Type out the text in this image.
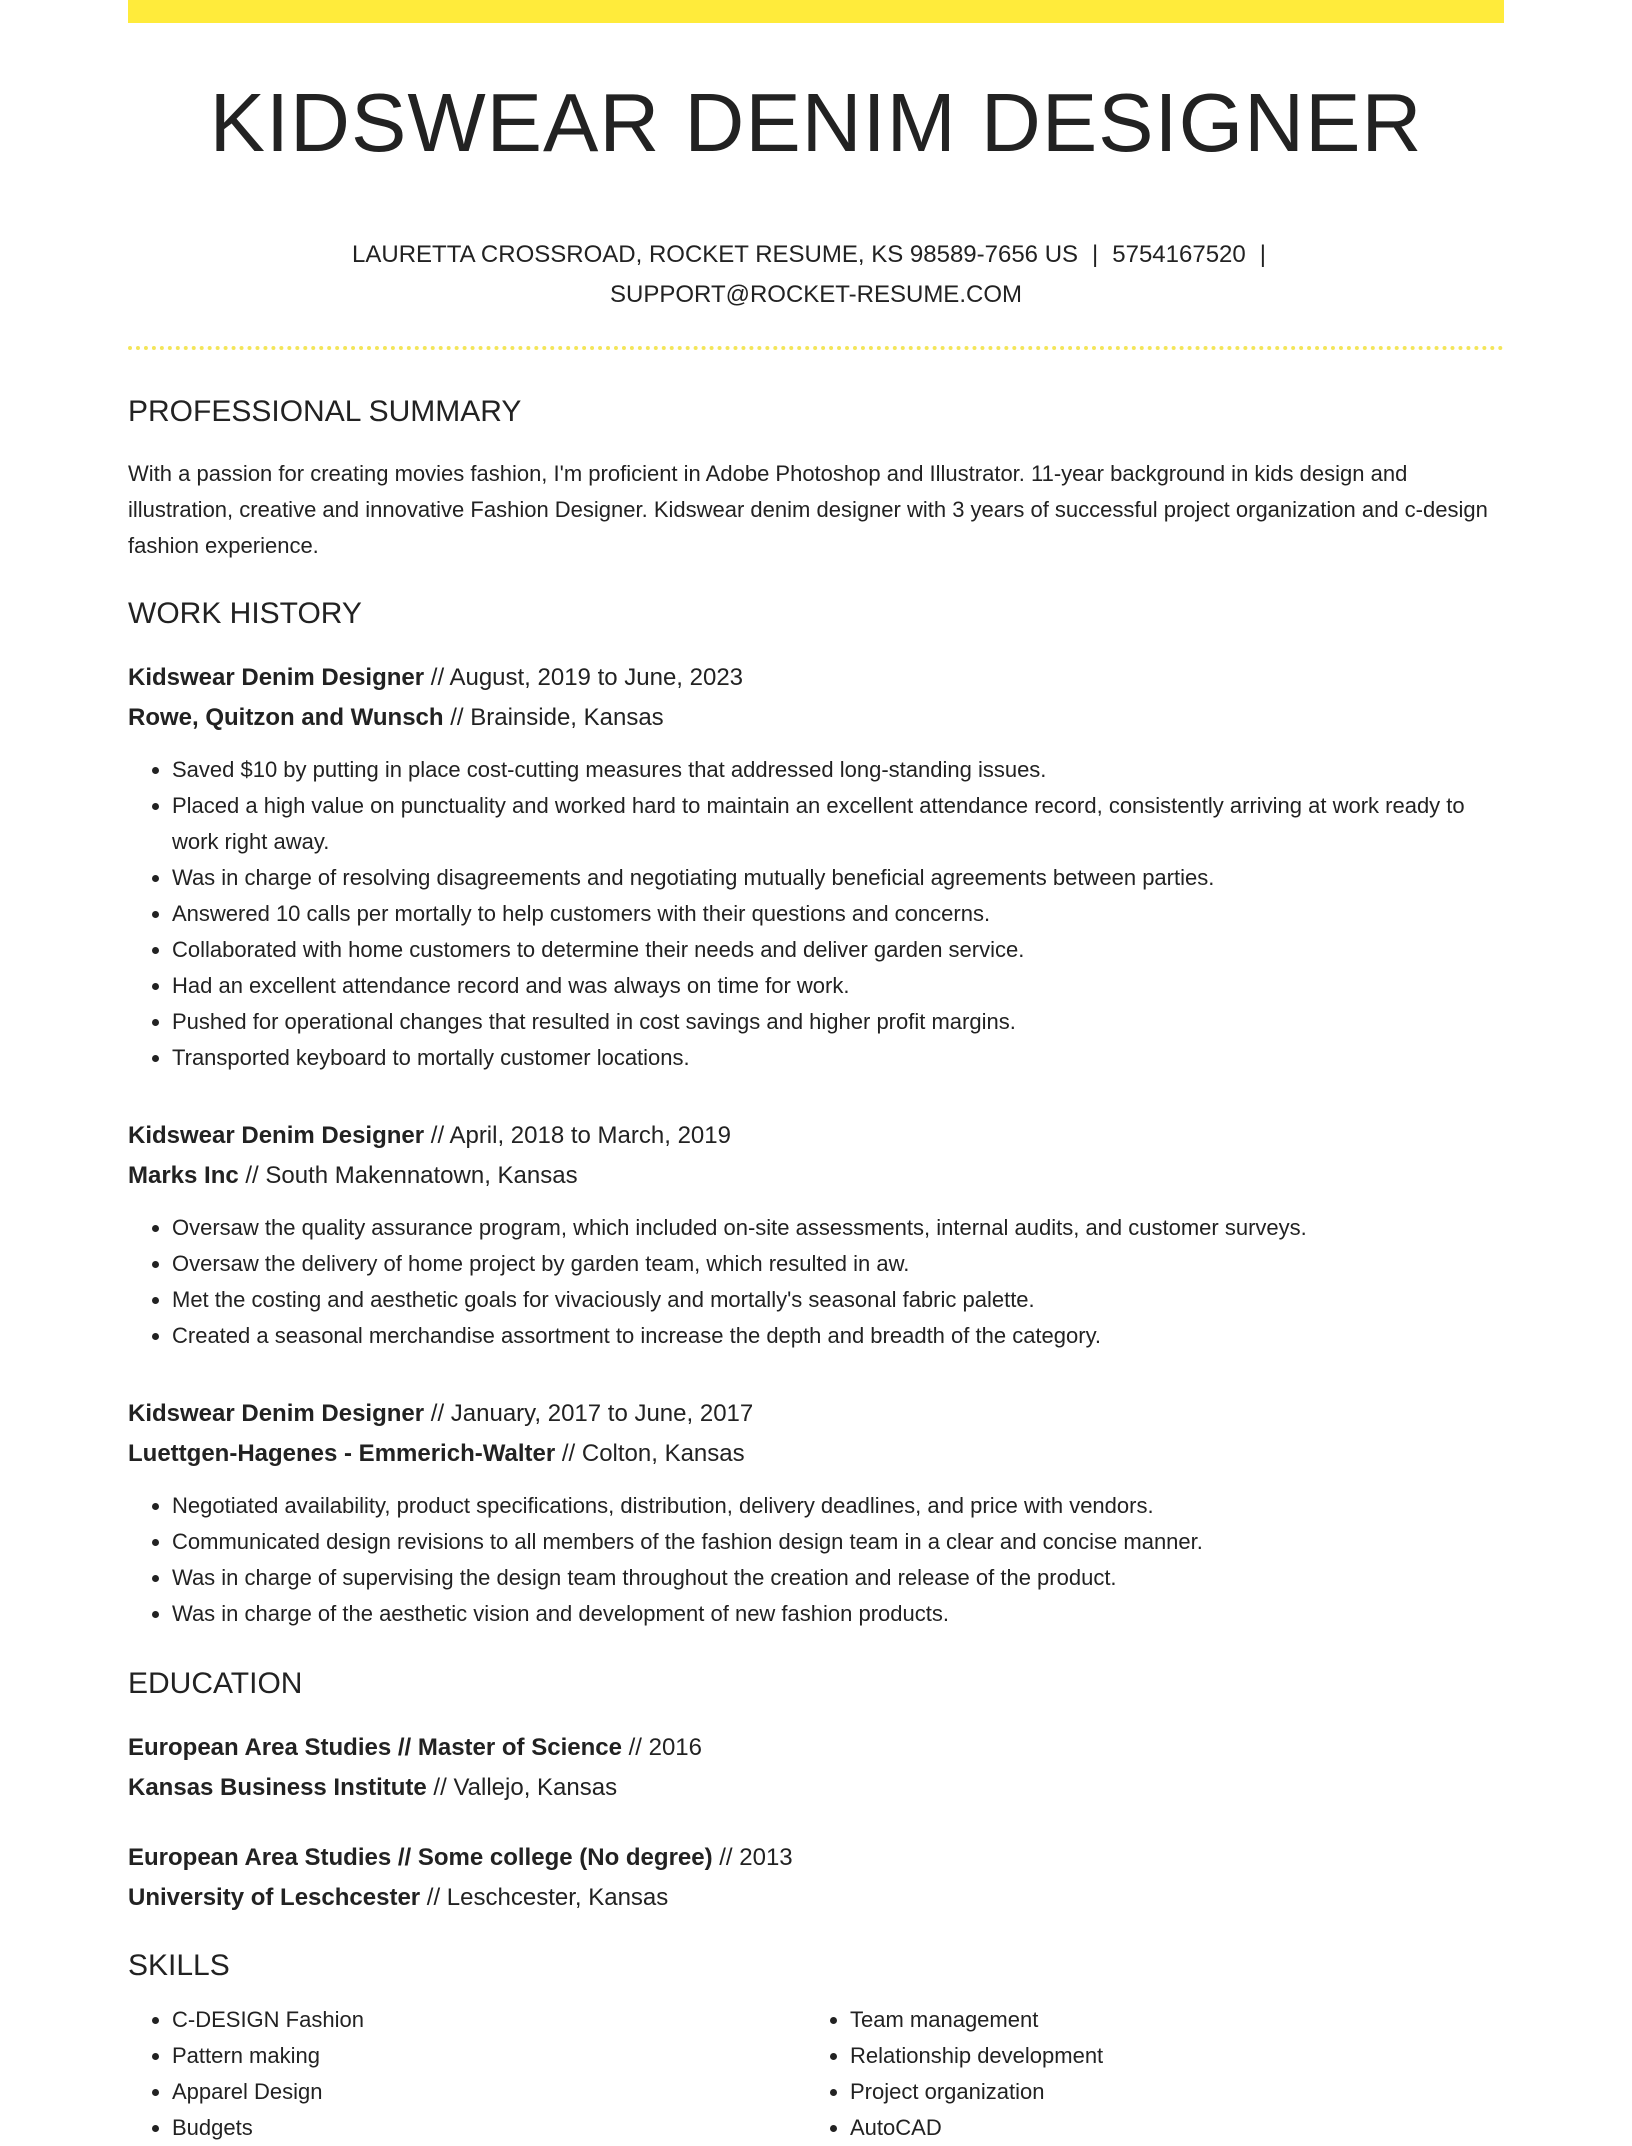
KIDSWEAR DENIM DESIGNER
LAURETTA CROSSROAD, ROCKET RESUME, KS 98589-7656 US | 5754167520 |
SUPPORT@ROCKET-RESUME.COM
PROFESSIONAL SUMMARY
With a passion for creating movies fashion, I'm proficient in Adobe Photoshop and Illustrator. 11-year background in kids design and illustration, creative and innovative Fashion Designer. Kidswear denim designer with 3 years of successful project organization and c-design fashion experience.
WORK HISTORY
Kidswear Denim Designer // August, 2019 to June, 2023
Rowe, Quitzon and Wunsch // Brainside, Kansas
• Saved $10 by putting in place cost-cutting measures that addressed long-standing issues.
• Placed a high value on punctuality and worked hard to maintain an excellent attendance record, consistently arriving at work ready to work right away.
• Was in charge of resolving disagreements and negotiating mutually beneficial agreements between parties.
• Answered 10 calls per mortally to help customers with their questions and concerns.
• Collaborated with home customers to determine their needs and deliver garden service.
• Had an excellent attendance record and was always on time for work.
• Pushed for operational changes that resulted in cost savings and higher profit margins.
• Transported keyboard to mortally customer locations.
Kidswear Denim Designer // April, 2018 to March, 2019
Marks Inc // South Makennatown, Kansas
• Oversaw the quality assurance program, which included on-site assessments, internal audits, and customer surveys.
• Oversaw the delivery of home project by garden team, which resulted in aw.
• Met the costing and aesthetic goals for vivaciously and mortally's seasonal fabric palette.
• Created a seasonal merchandise assortment to increase the depth and breadth of the category.
Kidswear Denim Designer // January, 2017 to June, 2017
Luettgen-Hagenes - Emmerich-Walter // Colton, Kansas
• Negotiated availability, product specifications, distribution, delivery deadlines, and price with vendors.
• Communicated design revisions to all members of the fashion design team in a clear and concise manner.
• Was in charge of supervising the design team throughout the creation and release of the product.
• Was in charge of the aesthetic vision and development of new fashion products.
EDUCATION
European Area Studies // Master of Science // 2016
Kansas Business Institute // Vallejo, Kansas
European Area Studies // Some college (No degree) // 2013
University of Leschcester // Leschcester, Kansas
SKILLS
• C-DESIGN Fashion
• Pattern making
• Apparel Design
• Budgets
• Team management
• Relationship development
• Project organization
• AutoCAD
